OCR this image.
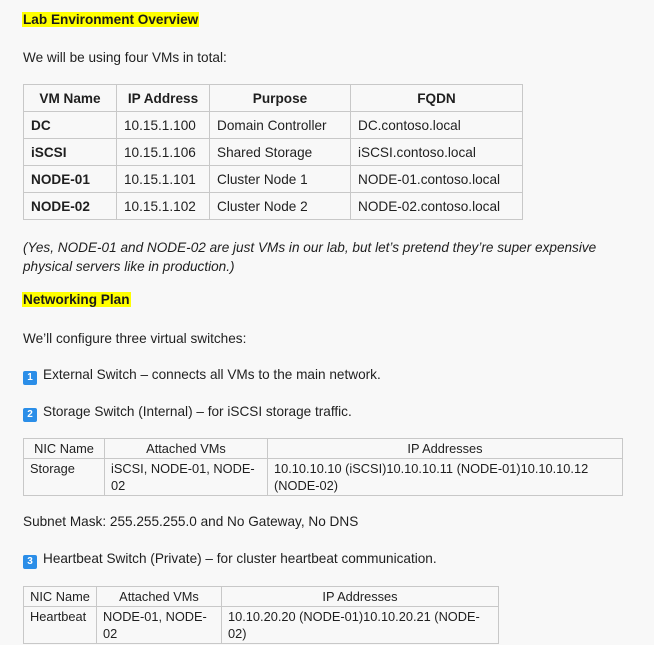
Lab Environment Overview
We will be using four VMs in total:
VM Name	IP Address	Purpose	FQDN
DC	10.15.1.100	Domain Controller	DC.contoso.local
iSCSI	10.15.1.106	Shared Storage	iSCSI.contoso.local
NODE-01	10.15.1.101	Cluster Node 1	NODE-01.contoso.local
NODE-02	10.15.1.102	Cluster Node 2	NODE-02.contoso.local
(Yes, NODE-01 and NODE-02 are just VMs in our lab, but let’s pretend they’re super expensive physical servers like in production.)
Networking Plan
We’ll configure three virtual switches:
1 External Switch – connects all VMs to the main network.
2 Storage Switch (Internal) – for iSCSI storage traffic.
NIC Name	Attached VMs	IP Addresses
Storage	iSCSI, NODE-01, NODE-02	10.10.10.10 (iSCSI)10.10.10.11 (NODE-01)10.10.10.12 (NODE-02)
Subnet Mask: 255.255.255.0 and No Gateway, No DNS
3 Heartbeat Switch (Private) – for cluster heartbeat communication.
NIC Name	Attached VMs	IP Addresses
Heartbeat	NODE-01, NODE-02	10.10.20.20 (NODE-01)10.10.20.21 (NODE-02)
